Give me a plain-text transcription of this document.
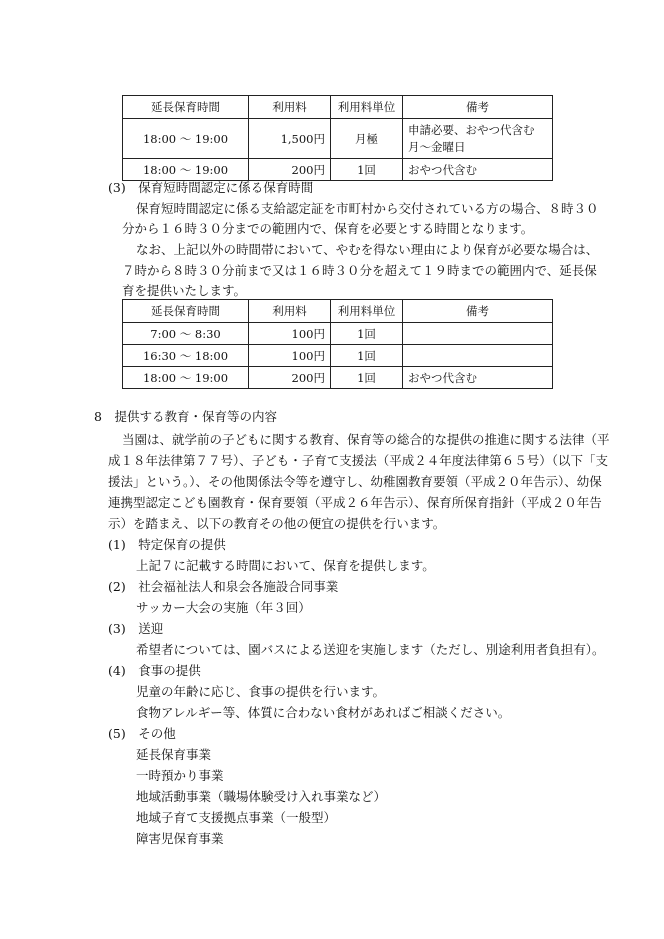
延長保育時間	利用料	利用料単位	備考
18:00 〜 19:00	1,500円	月極	申請必要、おやつ代含む
月〜金曜日

18:00 〜 19:00	200円	1回	おやつ代含む
(3)　保育短時間認定に係る保育時間
保育短時間認定に係る支給認定証を市町村から交付されている方の場合、８時３０
分から１６時３０分までの範囲内で、保育を必要とする時間となります。
なお、上記以外の時間帯において、やむを得ない理由により保育が必要な場合は、
７時から８時３０分前まで又は１６時３０分を超えて１９時までの範囲内で、延長保
育を提供いたします。
延長保育時間	利用料	利用料単位	備考
7:00 〜 8:30	100円	1回	
16:30 〜 18:00	100円	1回	
18:00 〜 19:00	200円	1回	おやつ代含む
8　提供する教育・保育等の内容
当園は、就学前の子どもに関する教育、保育等の総合的な提供の推進に関する法律（平
成１８年法律第７７号）、子ども・子育て支援法（平成２４年度法律第６５号）（以下「支
援法」という。）、その他関係法令等を遵守し、幼稚園教育要領（平成２０年告示）、幼保
連携型認定こども園教育・保育要領（平成２６年告示）、保育所保育指針（平成２０年告
示）を踏まえ、以下の教育その他の便宜の提供を行います。
(1)　特定保育の提供
上記７に記載する時間において、保育を提供します。
(2)　社会福祉法人和泉会各施設合同事業
サッカー大会の実施（年３回）
(3)　送迎
希望者については、園バスによる送迎を実施します（ただし、別途利用者負担有）。
(4)　食事の提供
児童の年齢に応じ、食事の提供を行います。
食物アレルギー等、体質に合わない食材があればご相談ください。
(5)　その他
延長保育事業
一時預かり事業
地域活動事業（職場体験受け入れ事業など）
地域子育て支援拠点事業（一般型）
障害児保育事業
